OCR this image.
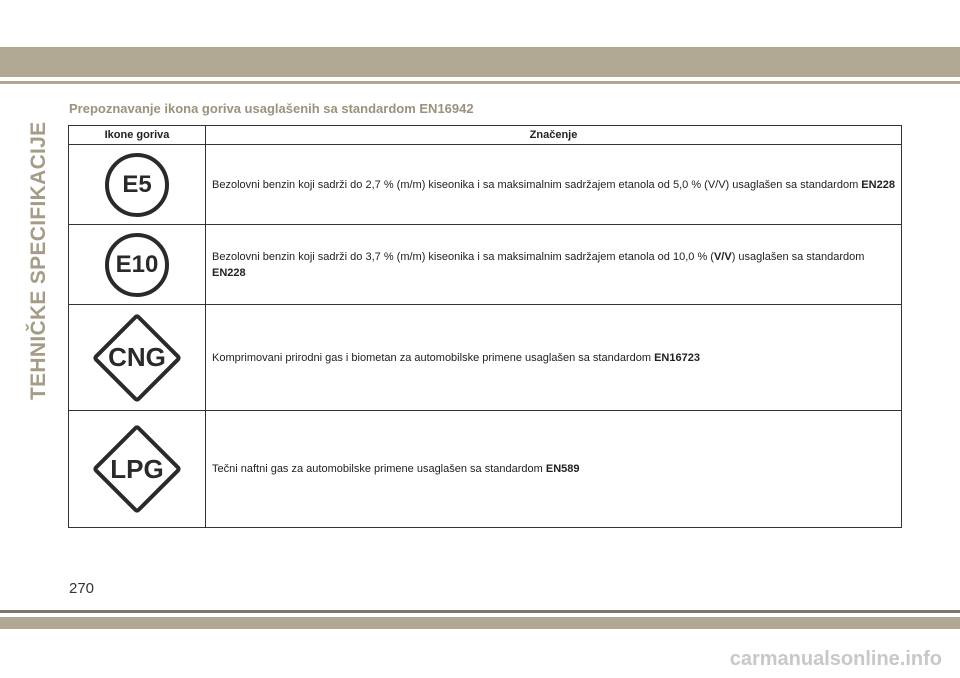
TEHNIČKE SPECIFIKACIJE
Prepoznavanje ikona goriva usaglašenih sa standardom EN16942
Ikone goriva	Značenje

E5	Bezolovni benzin koji sadrži do 2,7 % (m/m) kiseonika i sa maksimalnim sadržajem etanola od 5,0 % (V/V) usaglašen sa standardom EN228

E10	Bezolovni benzin koji sadrži do 3,7 % (m/m) kiseonika i sa maksimalnim sadržajem etanola od 10,0 % (V/V) usaglašen sa standardom EN228

CNG	Komprimovani prirodni gas i biometan za automobilske primene usaglašen sa standardom EN16723

LPG	Tečni naftni gas za automobilske primene usaglašen sa standardom EN589
270
carmanualsonline.info
